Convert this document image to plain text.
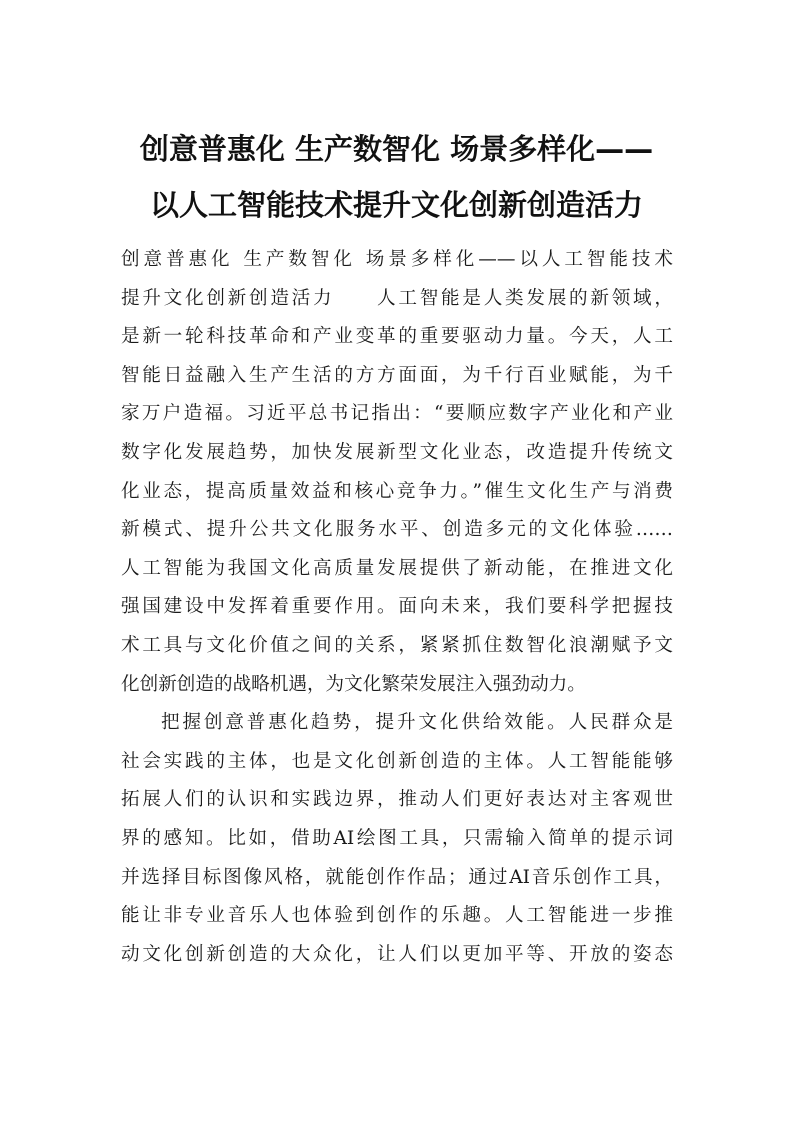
创意普惠化 生产数智化 场景多样化——
以人工智能技术提升文化创新创造活力
创意普惠化 生产数智化 场景多样化——以人工智能技术
提升文化创新创造活力　　人工智能是人类发展的新领域，
是新一轮科技革命和产业变革的重要驱动力量。今天，人工
智能日益融入生产生活的方方面面，为千行百业赋能，为千
家万户造福。习近平总书记指出：“要顺应数字产业化和产业
数字化发展趋势，加快发展新型文化业态，改造提升传统文
化业态，提高质量效益和核心竞争力。”催生文化生产与消费
新模式、提升公共文化服务水平、创造多元的文化体验……
人工智能为我国文化高质量发展提供了新动能，在推进文化
强国建设中发挥着重要作用。面向未来，我们要科学把握技
术工具与文化价值之间的关系，紧紧抓住数智化浪潮赋予文
化创新创造的战略机遇，为文化繁荣发展注入强劲动力。
把握创意普惠化趋势，提升文化供给效能。人民群众是
社会实践的主体，也是文化创新创造的主体。人工智能能够
拓展人们的认识和实践边界，推动人们更好表达对主客观世
界的感知。比如，借助AI绘图工具，只需输入简单的提示词
并选择目标图像风格，就能创作作品；通过AI音乐创作工具，
能让非专业音乐人也体验到创作的乐趣。人工智能进一步推
动文化创新创造的大众化，让人们以更加平等、开放的姿态
